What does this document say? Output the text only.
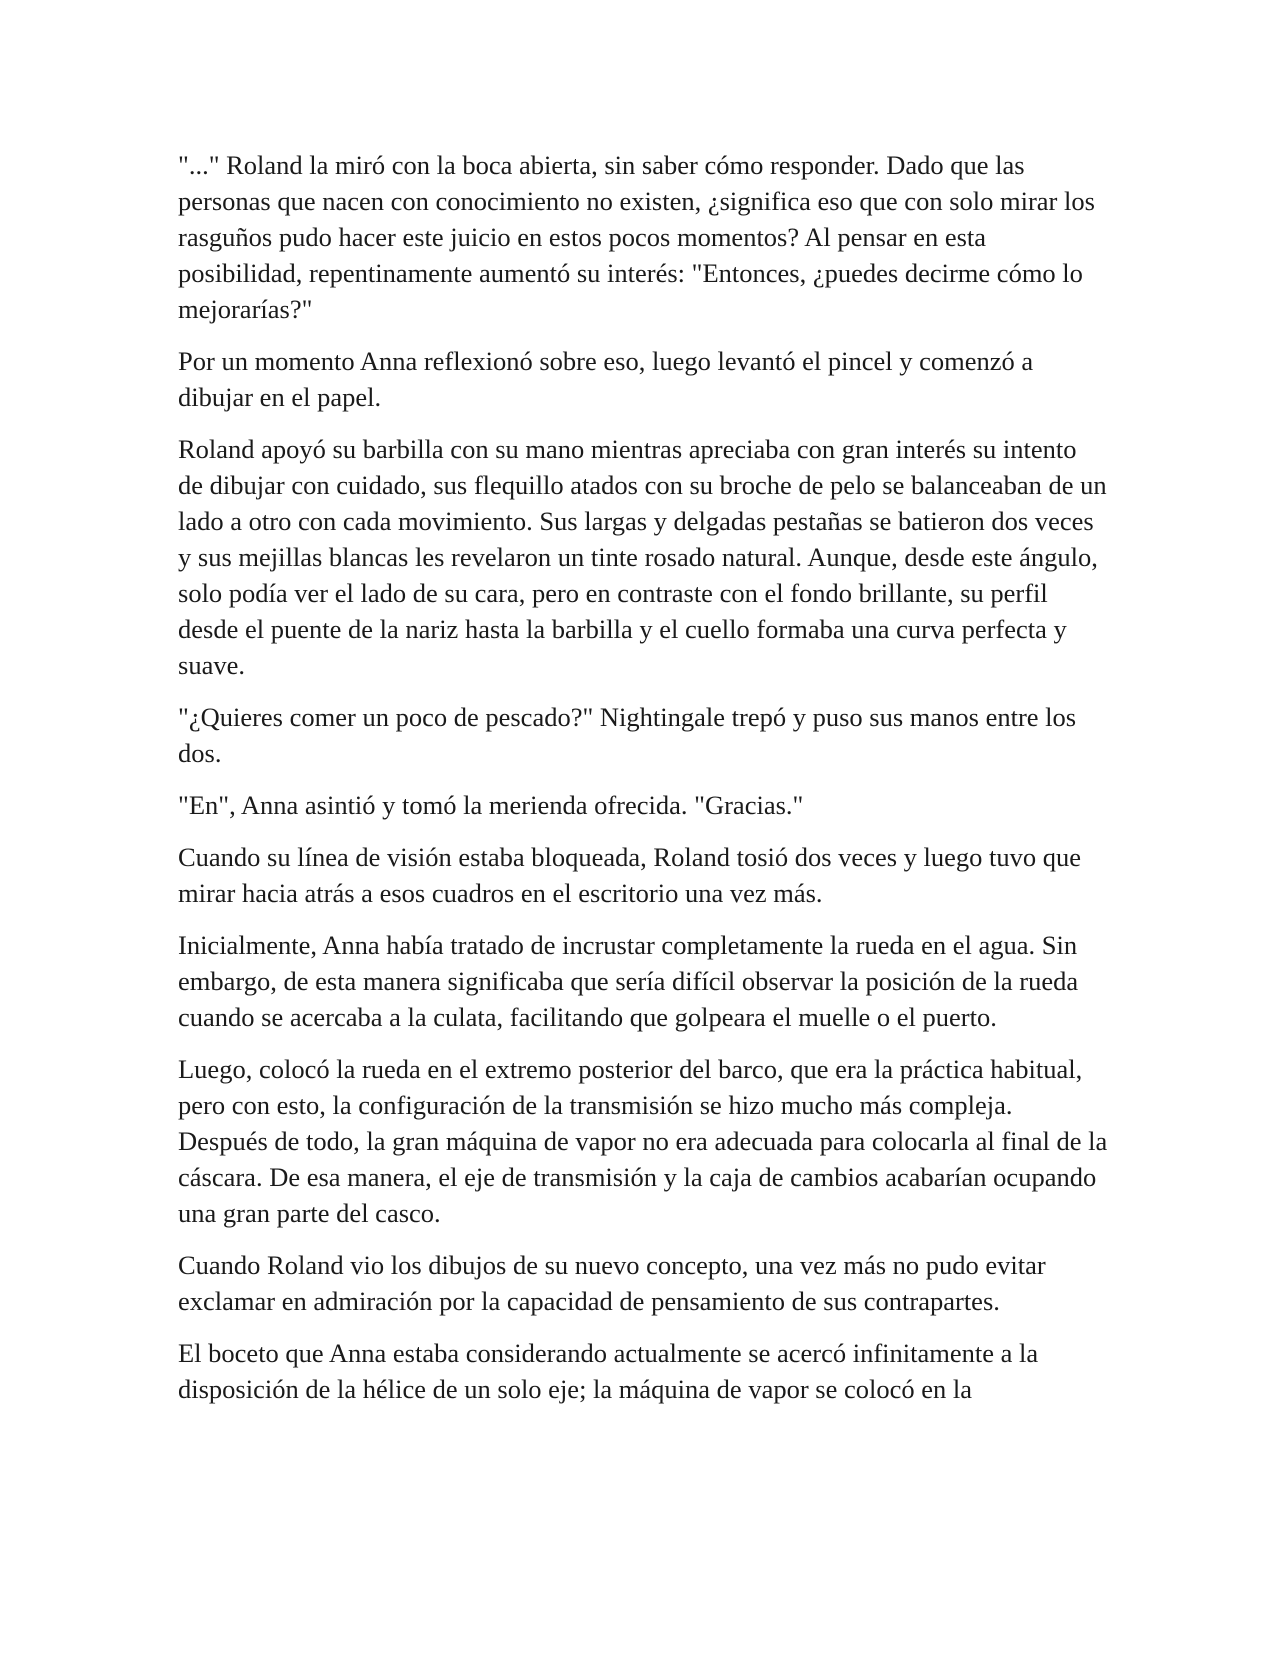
"..." Roland la miró con la boca abierta, sin saber cómo responder. Dado que las personas que nacen con conocimiento no existen, ¿significa eso que con solo mirar los rasguños pudo hacer este juicio en estos pocos momentos? Al pensar en esta posibilidad, repentinamente aumentó su interés: "Entonces, ¿puedes decirme cómo lo mejorarías?"

Por un momento Anna reflexionó sobre eso, luego levantó el pincel y comenzó a dibujar en el papel.

Roland apoyó su barbilla con su mano mientras apreciaba con gran interés su intento de dibujar con cuidado, sus flequillo atados con su broche de pelo se balanceaban de un lado a otro con cada movimiento. Sus largas y delgadas pestañas se batieron dos veces y sus mejillas blancas les revelaron un tinte rosado natural. Aunque, desde este ángulo, solo podía ver el lado de su cara, pero en contraste con el fondo brillante, su perfil desde el puente de la nariz hasta la barbilla y el cuello formaba una curva perfecta y suave.

"¿Quieres comer un poco de pescado?" Nightingale trepó y puso sus manos entre los dos.

"En", Anna asintió y tomó la merienda ofrecida. "Gracias."

Cuando su línea de visión estaba bloqueada, Roland tosió dos veces y luego tuvo que mirar hacia atrás a esos cuadros en el escritorio una vez más.

Inicialmente, Anna había tratado de incrustar completamente la rueda en el agua. Sin embargo, de esta manera significaba que sería difícil observar la posición de la rueda cuando se acercaba a la culata, facilitando que golpeara el muelle o el puerto.

Luego, colocó la rueda en el extremo posterior del barco, que era la práctica habitual, pero con esto, la configuración de la transmisión se hizo mucho más compleja. Después de todo, la gran máquina de vapor no era adecuada para colocarla al final de la cáscara. De esa manera, el eje de transmisión y la caja de cambios acabarían ocupando una gran parte del casco.

Cuando Roland vio los dibujos de su nuevo concepto, una vez más no pudo evitar exclamar en admiración por la capacidad de pensamiento de sus contrapartes.

El boceto que Anna estaba considerando actualmente se acercó infinitamente a la disposición de la hélice de un solo eje; la máquina de vapor se colocó en la
